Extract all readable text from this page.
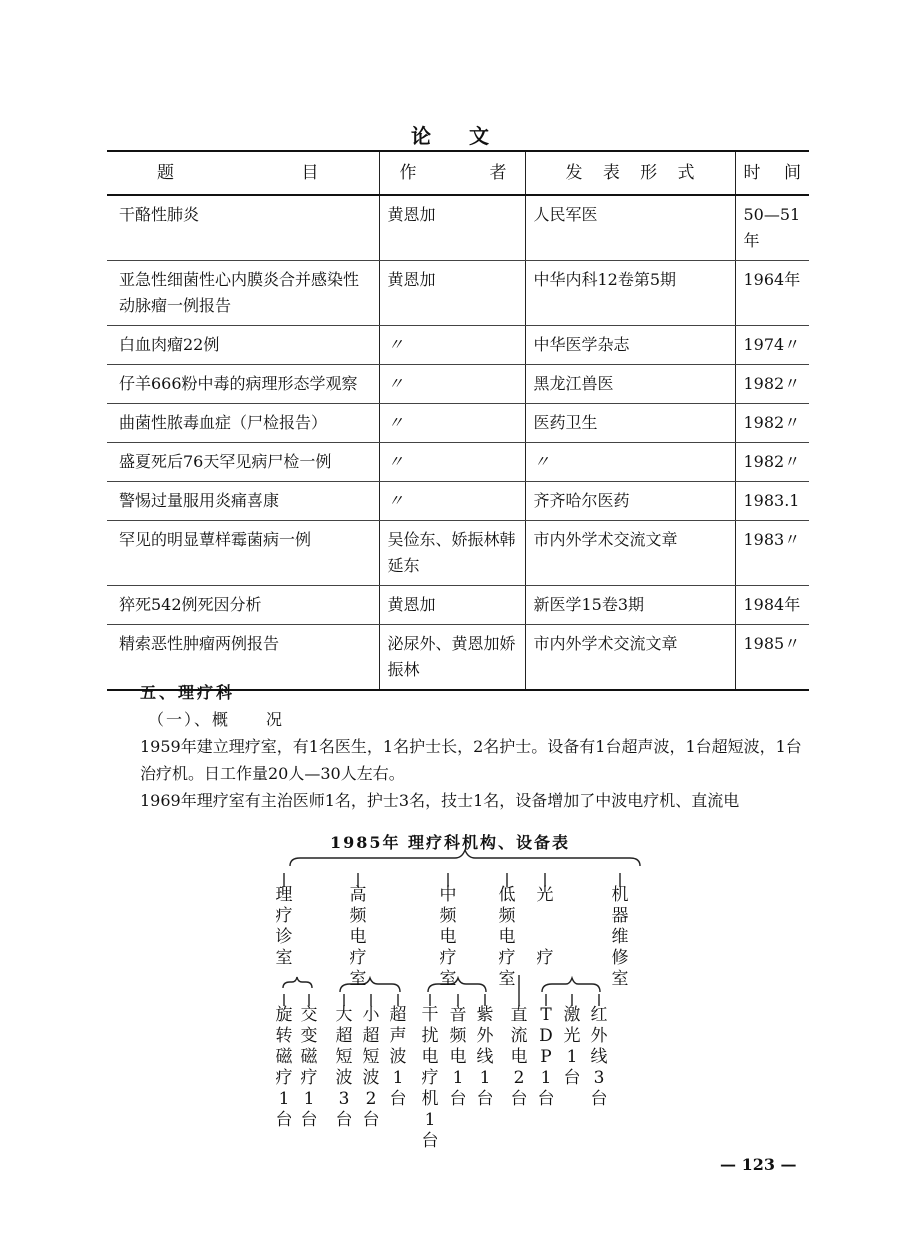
论文
题目	作者	发表形式	时间
干酪性肺炎	黄恩加	人民军医	50—51年
亚急性细菌性心内膜炎合并感染性动脉瘤一例报告	黄恩加	中华内科12卷第5期	1964年
白血肉瘤22例	〃	中华医学杂志	1974〃
仔羊666粉中毒的病理形态学观察	〃	黑龙江兽医	1982〃
曲菌性脓毒血症（尸检报告）	〃	医药卫生	1982〃
盛夏死后76天罕见病尸检一例	〃	〃	1982〃
警惕过量服用炎痛喜康	〃	齐齐哈尔医药	1983.1
罕见的明显蕈样霉菌病一例	吴俭东、娇振林韩延东	市内外学术交流文章	1983〃
猝死542例死因分析	黄恩加	新医学15卷3期	1984年
精索恶性肿瘤两例报告	泌尿外、黄恩加娇振林	市内外学术交流文章	1985〃
五、理疗科
（一）、概　　况
1959年建立理疗室，有1名医生，1名护士长，2名护士。设备有1台超声波，1台超短波，1台治疗机。日工作量20人—30人左右。
1969年理疗室有主治医师1名，护士3名，技士1名，设备增加了中波电疗机、直流电
1985年 理疗科机构、设备表
理
疗
诊
室
高
频
电
疗
室
中
频
电
疗
室
低
频
电
疗
室
光
疗
机
器
维
修
室
旋
转
磁
疗
1
台
交
变
磁
疗
1
台
大
超
短
波
3
台
小
超
短
波
2
台
超
声
波
1
台
干
扰
电
疗
机
1
台
音
频
电
1
台
紫
外
线
1
台
直
流
电
2
台
T
D
P
1
台
激
光
1
台
红
外
线
3
台
— 123 —
